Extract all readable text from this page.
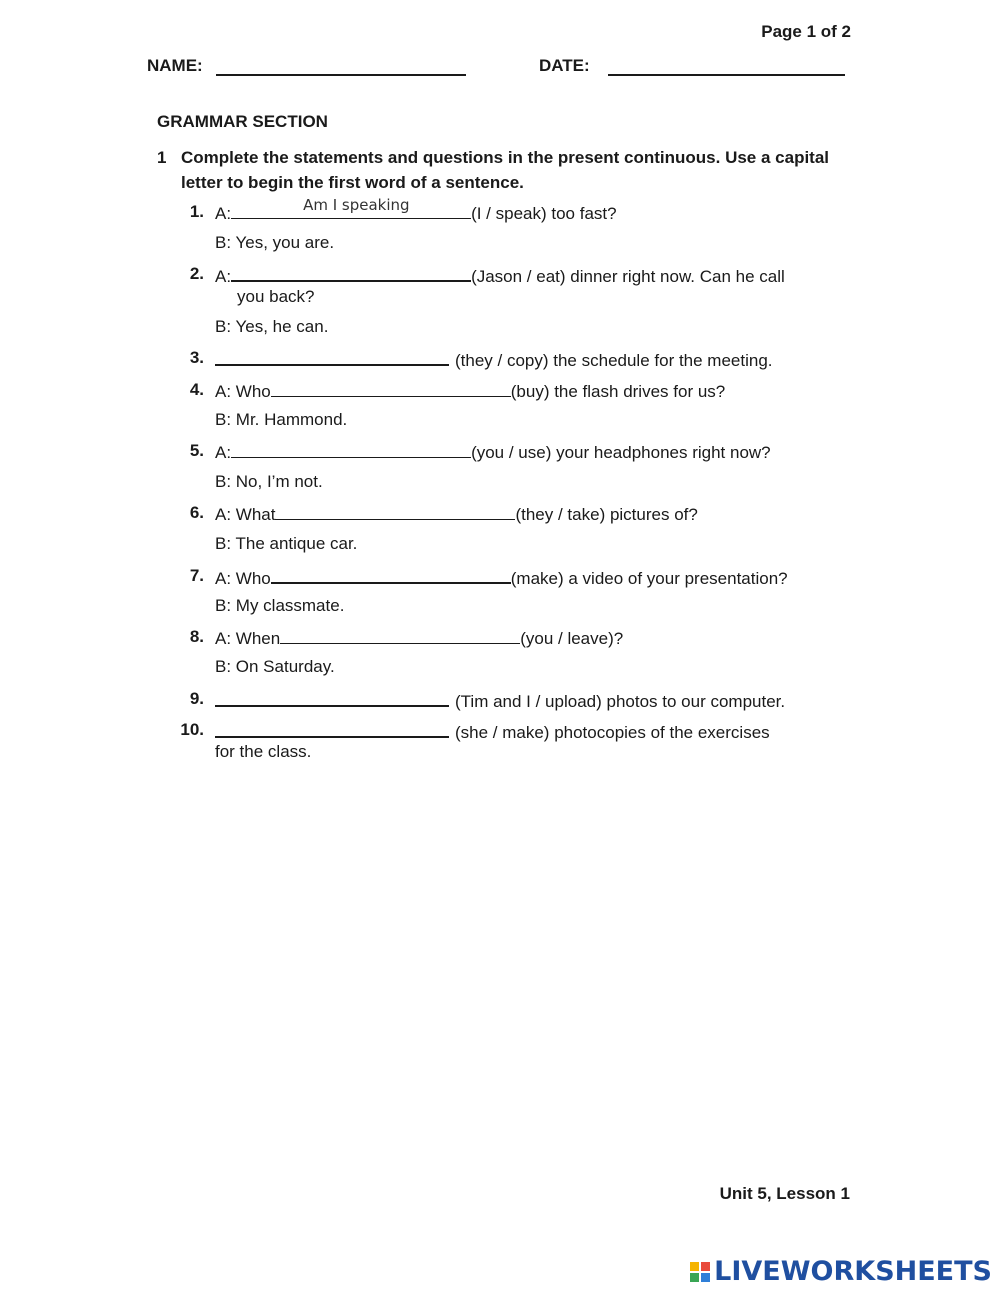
Page 1 of 2
NAME:	DATE:
GRAMMAR SECTION
1 Complete the statements and questions in the present continuous. Use a capital letter to begin the first word of a sentence.
1. A:	Am I speaking	(I / speak) too fast?
B: Yes, you are.
2. A:	(Jason / eat) dinner right now. Can he call
you back?
B: Yes, he can.
3.	(they / copy) the schedule for the meeting.
4. A: Who	(buy) the flash drives for us?
B: Mr. Hammond.
5. A:	(you / use) your headphones right now?
B: No, I’m not.
6. A: What	(they / take) pictures of?
B: The antique car.
7. A: Who	(make) a video of your presentation?
B: My classmate.
8. A: When	(you / leave)?
B: On Saturday.
9.	(Tim and I / upload) photos to our computer.
10.	(she / make) photocopies of the exercises
for the class.
Unit 5, Lesson 1
LIVEWORKSHEETS
